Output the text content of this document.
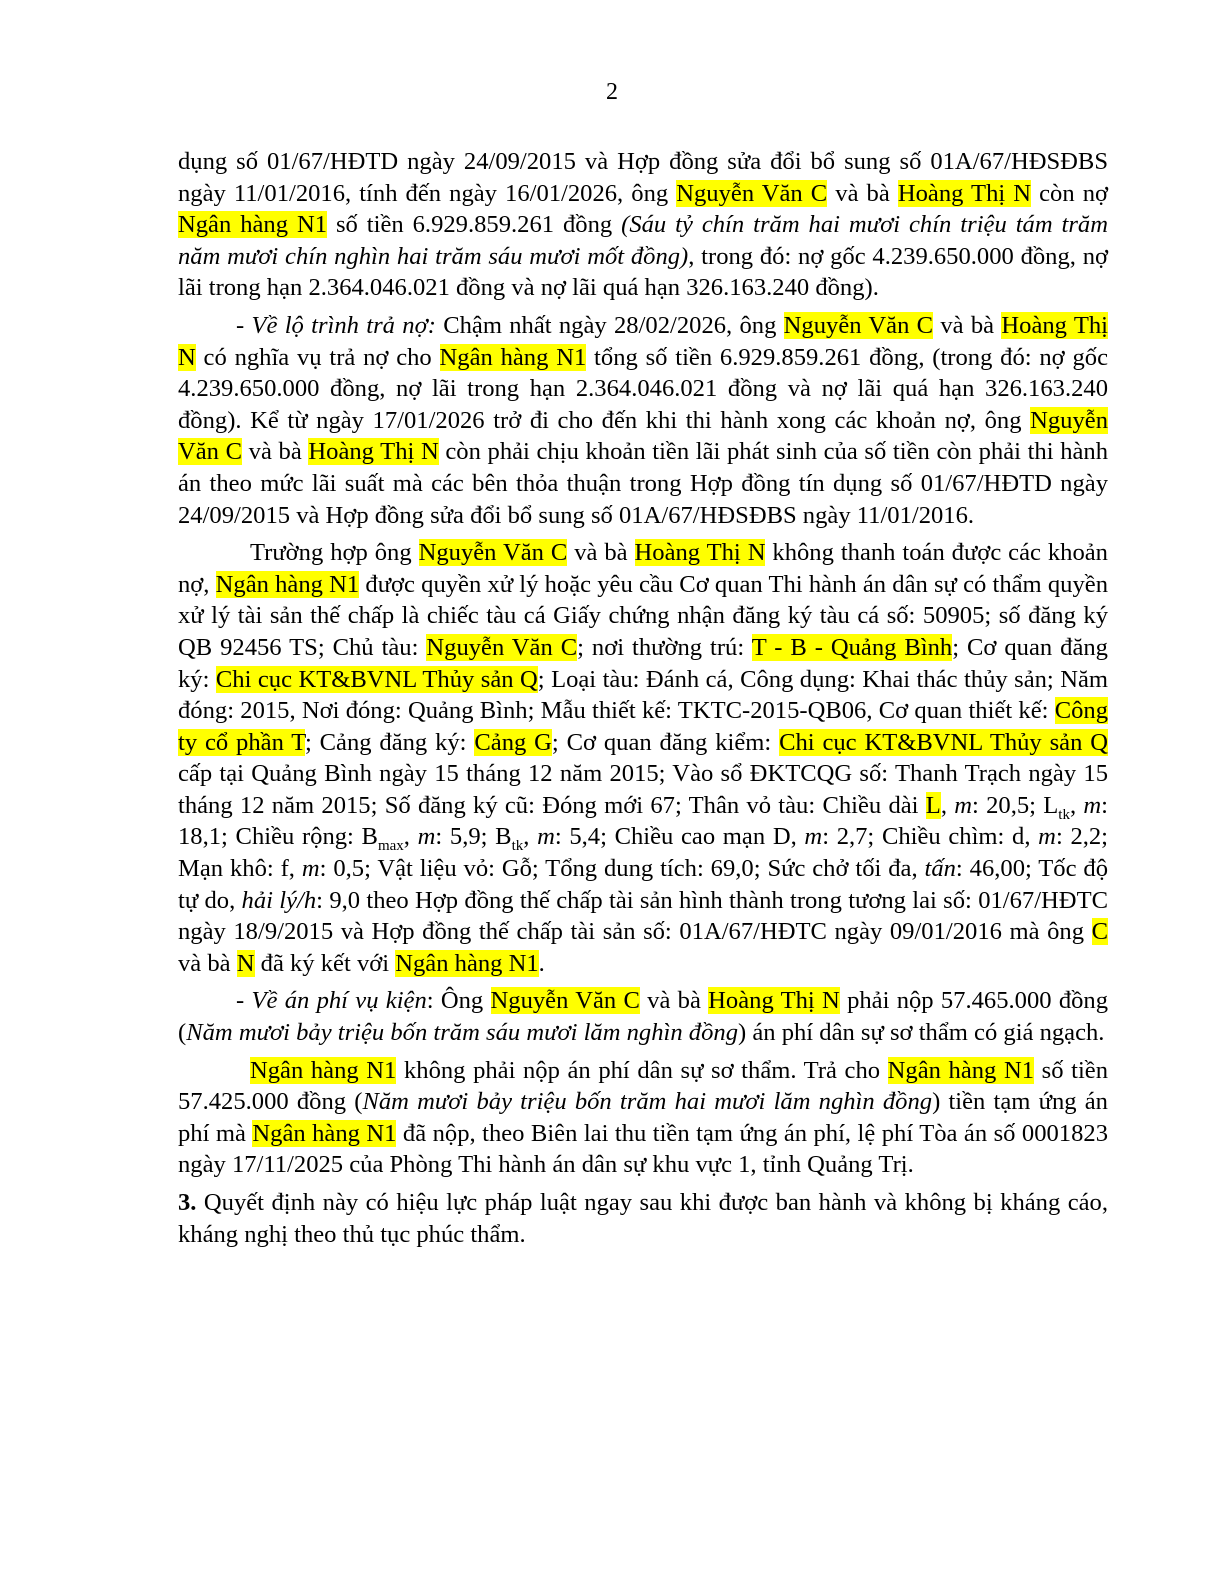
2

dụng số 01/67/HĐTD ngày 24/09/2015 và Hợp đồng sửa đổi bổ sung số 01A/67/HĐSĐBS ngày 11/01/2016, tính đến ngày 16/01/2026, ông Nguyễn Văn C và bà Hoàng Thị N còn nợ Ngân hàng N1 số tiền 6.929.859.261 đồng (Sáu tỷ chín trăm hai mươi chín triệu tám trăm năm mươi chín nghìn hai trăm sáu mươi mốt đồng), trong đó: nợ gốc 4.239.650.000 đồng, nợ lãi trong hạn 2.364.046.021 đồng và nợ lãi quá hạn 326.163.240 đồng).

- Về lộ trình trả nợ: Chậm nhất ngày 28/02/2026, ông Nguyễn Văn C và bà Hoàng Thị N có nghĩa vụ trả nợ cho Ngân hàng N1 tổng số tiền 6.929.859.261 đồng, (trong đó: nợ gốc 4.239.650.000 đồng, nợ lãi trong hạn 2.364.046.021 đồng và nợ lãi quá hạn 326.163.240 đồng). Kể từ ngày 17/01/2026 trở đi cho đến khi thi hành xong các khoản nợ, ông Nguyễn Văn C và bà Hoàng Thị N còn phải chịu khoản tiền lãi phát sinh của số tiền còn phải thi hành án theo mức lãi suất mà các bên thỏa thuận trong Hợp đồng tín dụng số 01/67/HĐTD ngày 24/09/2015 và Hợp đồng sửa đổi bổ sung số 01A/67/HĐSĐBS ngày 11/01/2016.

Trường hợp ông Nguyễn Văn C và bà Hoàng Thị N không thanh toán được các khoản nợ, Ngân hàng N1 được quyền xử lý hoặc yêu cầu Cơ quan Thi hành án dân sự có thẩm quyền xử lý tài sản thế chấp là chiếc tàu cá Giấy chứng nhận đăng ký tàu cá số: 50905; số đăng ký QB 92456 TS; Chủ tàu: Nguyễn Văn C; nơi thường trú: T - B - Quảng Bình; Cơ quan đăng ký: Chi cục KT&BVNL Thủy sản Q; Loại tàu: Đánh cá, Công dụng: Khai thác thủy sản; Năm đóng: 2015, Nơi đóng: Quảng Bình; Mẫu thiết kế: TKTC-2015-QB06, Cơ quan thiết kế: Công ty cổ phần T; Cảng đăng ký: Cảng G; Cơ quan đăng kiểm: Chi cục KT&BVNL Thủy sản Q cấp tại Quảng Bình ngày 15 tháng 12 năm 2015; Vào sổ ĐKTCQG số: Thanh Trạch ngày 15 tháng 12 năm 2015; Số đăng ký cũ: Đóng mới 67; Thân vỏ tàu: Chiều dài L, m: 20,5; $L_{tk}$, m: 18,1; Chiều rộng: $B_{max}$, m: 5,9; $B_{tk}$, m: 5,4; Chiều cao mạn D, m: 2,7; Chiều chìm: d, m: 2,2; Mạn khô: f, m: 0,5; Vật liệu vỏ: Gỗ; Tổng dung tích: 69,0; Sức chở tối đa, tấn: 46,00; Tốc độ tự do, hải lý/h: 9,0 theo Hợp đồng thế chấp tài sản hình thành trong tương lai số: 01/67/HĐTC ngày 18/9/2015 và Hợp đồng thế chấp tài sản số: 01A/67/HĐTC ngày 09/01/2016 mà ông C và bà N đã ký kết với Ngân hàng N1.

- Về án phí vụ kiện: Ông Nguyễn Văn C và bà Hoàng Thị N phải nộp 57.465.000 đồng (Năm mươi bảy triệu bốn trăm sáu mươi lăm nghìn đồng) án phí dân sự sơ thẩm có giá ngạch.

Ngân hàng N1 không phải nộp án phí dân sự sơ thẩm. Trả cho Ngân hàng N1 số tiền 57.425.000 đồng (Năm mươi bảy triệu bốn trăm hai mươi lăm nghìn đồng) tiền tạm ứng án phí mà Ngân hàng N1 đã nộp, theo Biên lai thu tiền tạm ứng án phí, lệ phí Tòa án số 0001823 ngày 17/11/2025 của Phòng Thi hành án dân sự khu vực 1, tỉnh Quảng Trị.

3. Quyết định này có hiệu lực pháp luật ngay sau khi được ban hành và không bị kháng cáo, kháng nghị theo thủ tục phúc thẩm.
